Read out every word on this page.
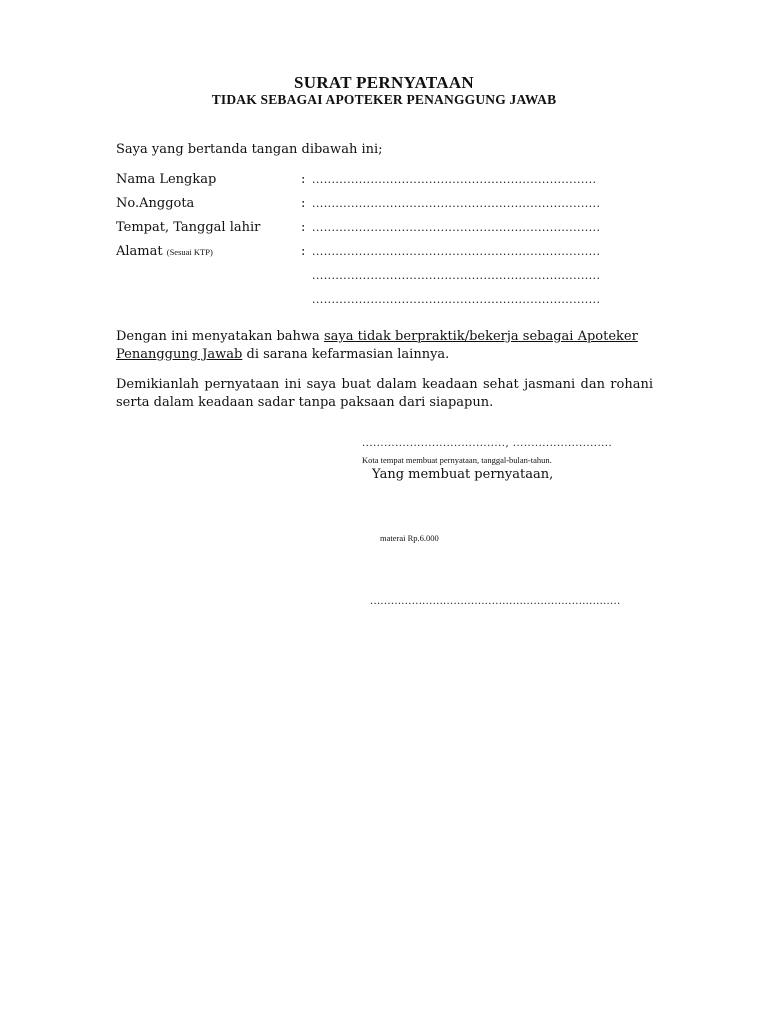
SURAT PERNYATAAN
TIDAK SEBAGAI APOTEKER PENANGGUNG JAWAB
Saya yang bertanda tangan dibawah ini;
Nama Lengkap	: .........................................................................
No.Anggota	: ..........................................................................
Tempat, Tanggal lahir	: ..........................................................................
Alamat (Sesuai KTP)	: ..........................................................................
..........................................................................
..........................................................................
Dengan ini menyatakan bahwa saya tidak berpraktik/bekerja sebagai Apoteker Penanggung Jawab di sarana kefarmasian lainnya.
Demikianlah pernyataan ini saya buat dalam keadaan sehat jasmani dan rohani serta dalam keadaan sadar tanpa paksaan dari siapapun.
......................................., ...........................
Kota tempat membuat pernyataan, tanggal-bulan-tahun.
Yang membuat pernyataan,
materai Rp.6.000
........................................................................
